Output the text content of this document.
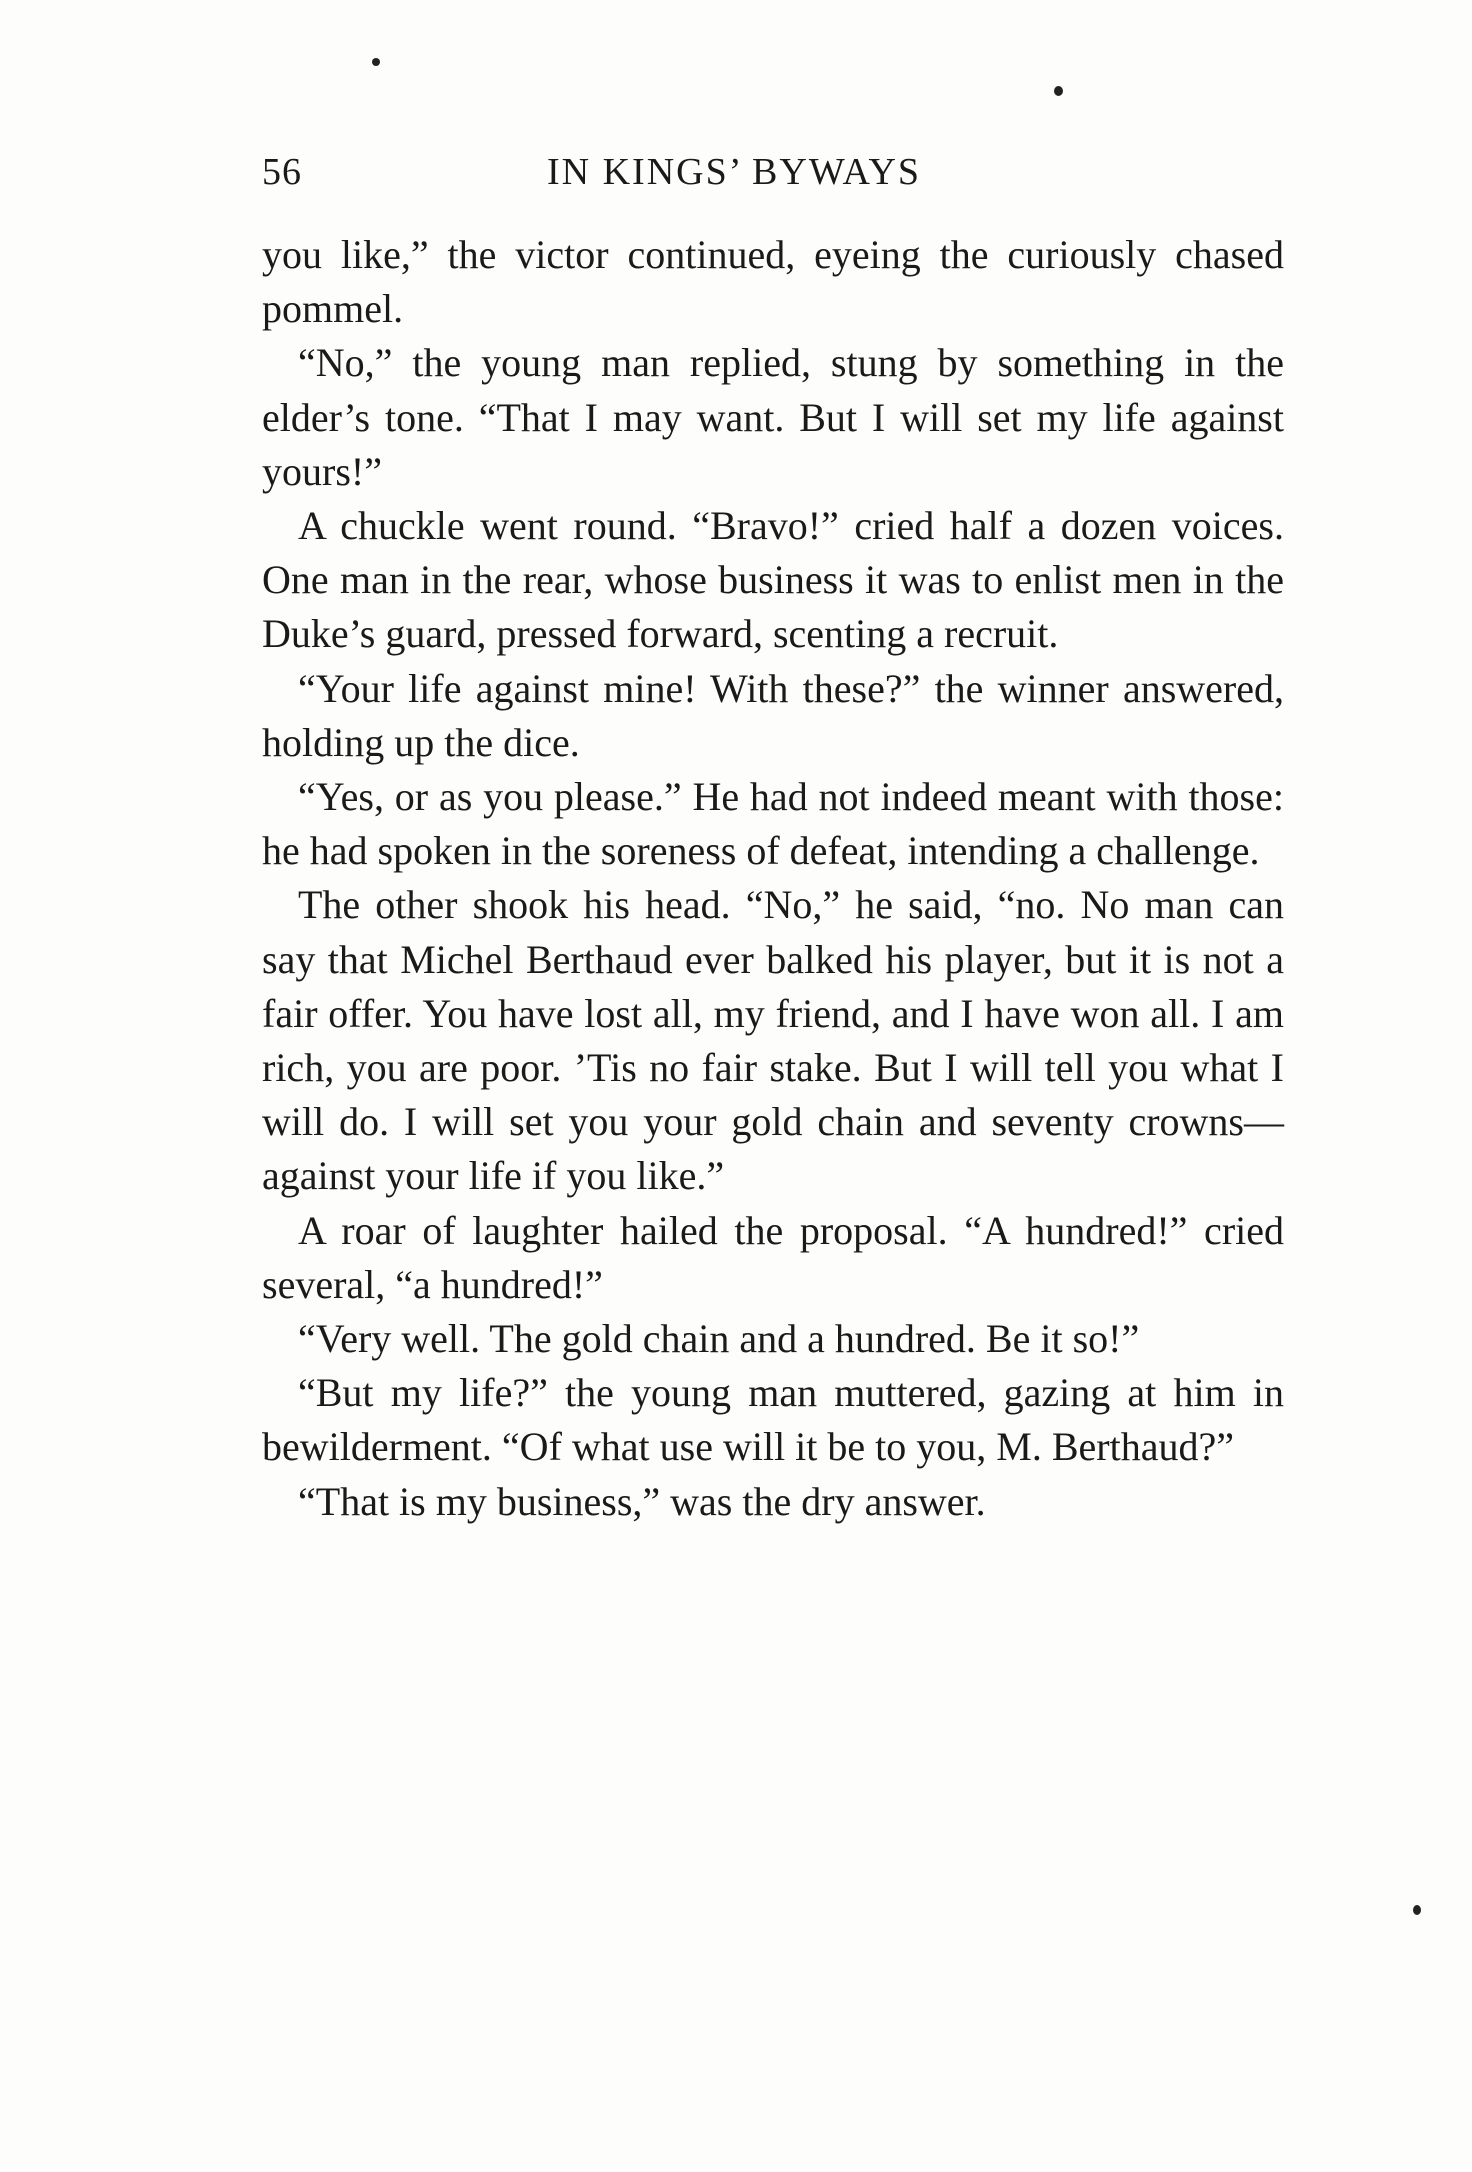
56	IN KINGS’ BYWAYS

you like,” the victor continued, eyeing the curiously chased pommel.

“No,” the young man replied, stung by something in the elder’s tone. “That I may want. But I will set my life against yours!”

A chuckle went round. “Bravo!” cried half a dozen voices. One man in the rear, whose business it was to enlist men in the Duke’s guard, pressed forward, scenting a recruit.

“Your life against mine! With these?” the winner answered, holding up the dice.

“Yes, or as you please.” He had not indeed meant with those: he had spoken in the soreness of defeat, intending a challenge.

The other shook his head. “No,” he said, “no. No man can say that Michel Berthaud ever balked his player, but it is not a fair offer. You have lost all, my friend, and I have won all. I am rich, you are poor. ’Tis no fair stake. But I will tell you what I will do. I will set you your gold chain and seventy crowns—against your life if you like.”

A roar of laughter hailed the proposal. “A hundred!” cried several, “a hundred!”

“Very well. The gold chain and a hundred. Be it so!”

“But my life?” the young man muttered, gazing at him in bewilderment. “Of what use will it be to you, M. Berthaud?”

“That is my business,” was the dry answer.
